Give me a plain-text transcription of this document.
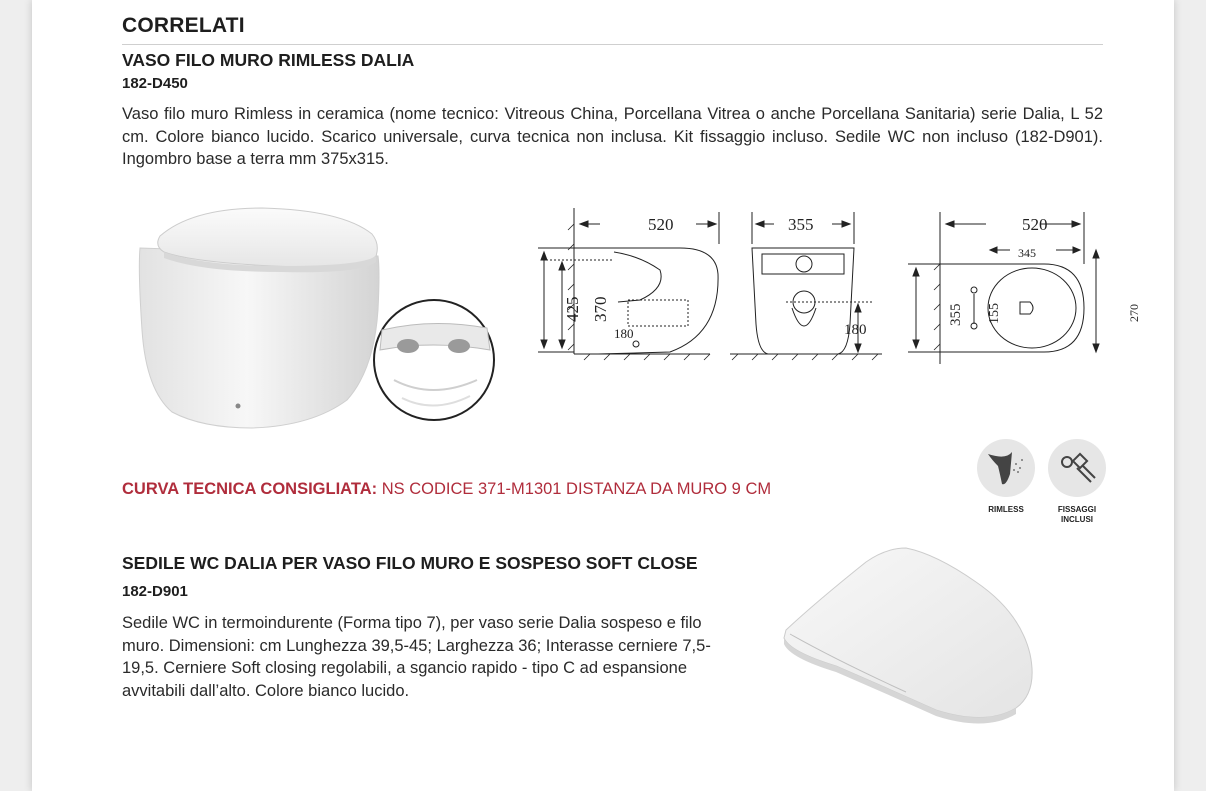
CORRELATI
VASO FILO MURO RIMLESS DALIA
182-D450
Vaso filo muro Rimless in ceramica (nome tecnico: Vitreous China, Porcellana Vitrea o anche Porcellana Sanitaria) serie Dalia, L 52 cm. Colore bianco lucido. Scarico universale, curva tecnica non inclusa. Kit fissaggio incluso. Sedile WC non incluso (182-D901). Ingombro base a terra mm 375x315.
520
425 370
180
355
180
520
345
355 155	270
CURVA TECNICA CONSIGLIATA: NS CODICE 371-M1301 DISTANZA DA MURO 9 CM
RIMLESS	FISSAGGI
INCLUSI
SEDILE WC DALIA PER VASO FILO MURO E SOSPESO SOFT CLOSE
182-D901
Sedile WC in termoindurente (Forma tipo 7), per vaso serie Dalia sospeso e filo muro. Dimensioni: cm Lunghezza 39,5-45; Larghezza 36; Interasse cerniere 7,5-19,5. Cerniere Soft closing regolabili, a sgancio rapido - tipo C ad espansione avvitabili dall’alto. Colore bianco lucido.
